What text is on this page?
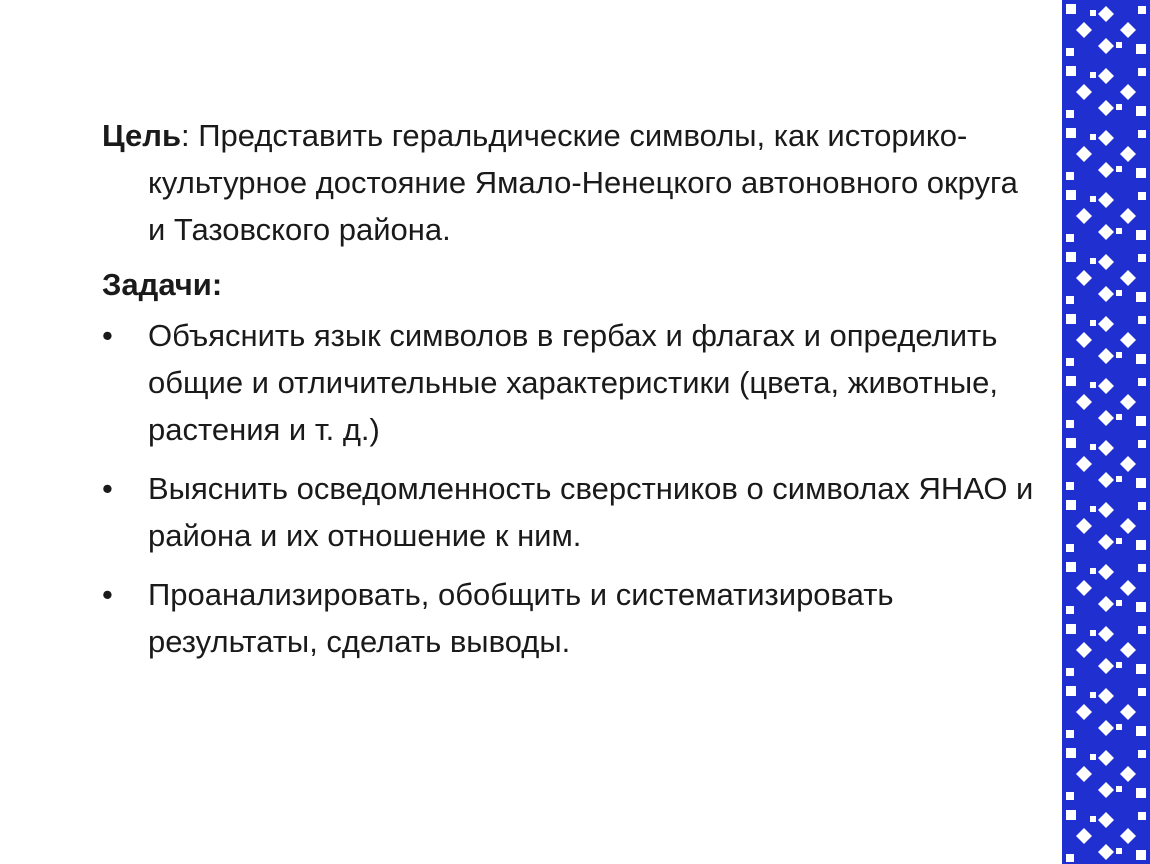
Цель: Представить геральдические символы, как историко-культурное достояние Ямало-Ненецкого автоновного округа и Тазовского района.
Задачи:
•	Объяснить язык символов в гербах и флагах и определить общие и отличительные характеристики (цвета, животные, растения и т. д.)
•	Выяснить осведомленность сверстников о символах ЯНАО и района и их отношение к ним.
•	Проанализировать, обобщить и систематизировать результаты, сделать выводы.
